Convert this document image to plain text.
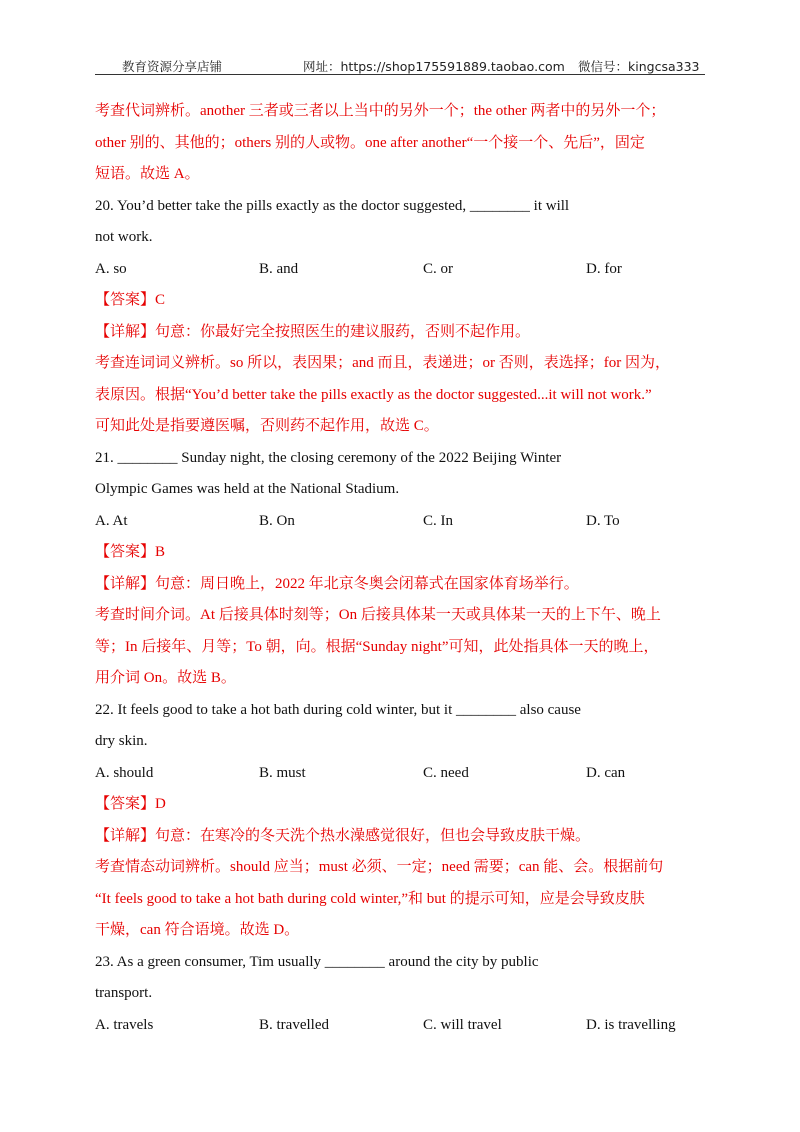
教育资源分享店铺	网址：https://shop175591889.taobao.com 微信号：kingcsa333
考查代词辨析。another 三者或三者以上当中的另外一个；the other 两者中的另外一个；
other 别的、其他的；others 别的人或物。one after another“一个接一个、先后”，固定
短语。故选 A。
20. You’d better take the pills exactly as the doctor suggested, ________ it will
not work.
A. so	B. and	C. or	D. for
【答案】C
【详解】句意：你最好完全按照医生的建议服药，否则不起作用。
考查连词词义辨析。so 所以，表因果；and 而且，表递进；or 否则，表选择；for 因为，
表原因。根据“You’d better take the pills exactly as the doctor suggested...it will not work.”
可知此处是指要遵医嘱，否则药不起作用，故选 C。
21. ________ Sunday night, the closing ceremony of the 2022 Beijing Winter
Olympic Games was held at the National Stadium.
A. At	B. On	C. In	D. To
【答案】B
【详解】句意：周日晚上，2022 年北京冬奥会闭幕式在国家体育场举行。
考查时间介词。At 后接具体时刻等；On 后接具体某一天或具体某一天的上下午、晚上
等；In 后接年、月等；To 朝，向。根据“Sunday night”可知，此处指具体一天的晚上，
用介词 On。故选 B。
22. It feels good to take a hot bath during cold winter, but it ________ also cause
dry skin.
A. should	B. must	C. need	D. can
【答案】D
【详解】句意：在寒冷的冬天洗个热水澡感觉很好，但也会导致皮肤干燥。
考查情态动词辨析。should 应当；must 必须、一定；need 需要；can 能、会。根据前句
“It feels good to take a hot bath during cold winter,”和 but 的提示可知，应是会导致皮肤
干燥，can 符合语境。故选 D。
23. As a green consumer, Tim usually ________ around the city by public
transport.
A. travels	B. travelled	C. will travel	D. is travelling
